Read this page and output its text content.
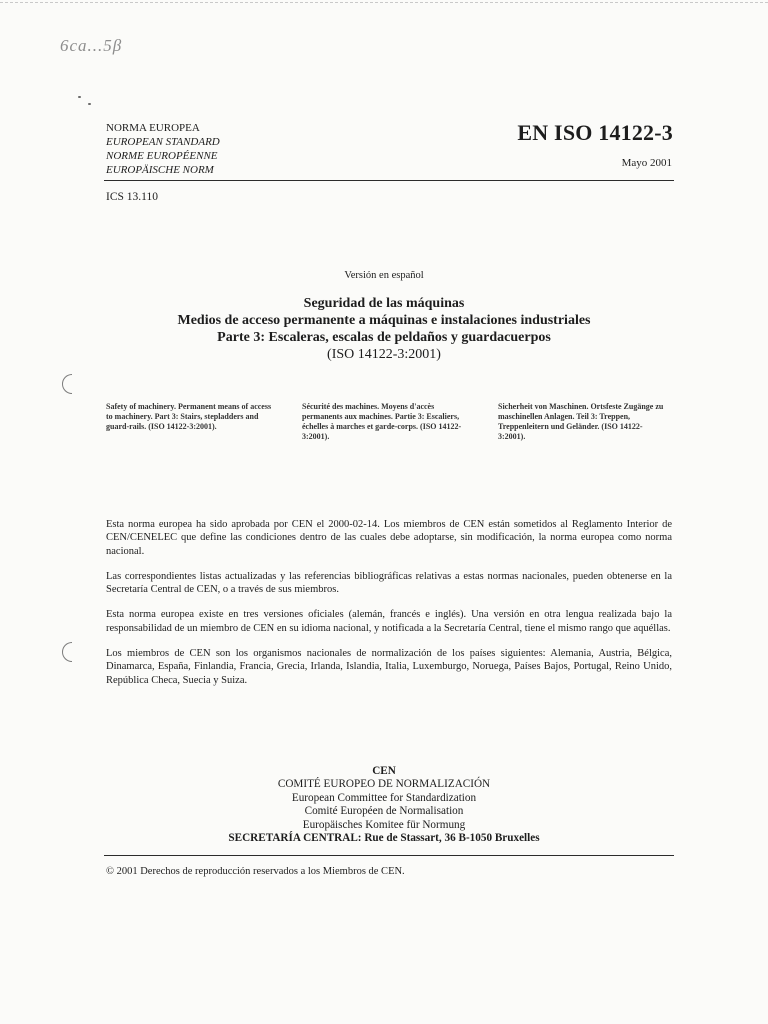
6ca...5β
NORMA EUROPEA
EUROPEAN STANDARD
NORME EUROPÉENNE
EUROPÄISCHE NORM
EN ISO 14122-3
Mayo 2001
ICS 13.110
Versión en español
Seguridad de las máquinas
Medios de acceso permanente a máquinas e instalaciones industriales
Parte 3: Escaleras, escalas de peldaños y guardacuerpos
(ISO 14122-3:2001)
Safety of machinery. Permanent means of access to machinery. Part 3: Stairs, stepladders and guard-rails. (ISO 14122-3:2001).
Sécurité des machines. Moyens d'accès permanents aux machines. Partie 3: Escaliers, échelles à marches et garde-corps. (ISO 14122-3:2001).
Sicherheit von Maschinen. Ortsfeste Zugänge zu maschinellen Anlagen. Teil 3: Treppen, Treppenleitern und Geländer. (ISO 14122-3:2001).

Esta norma europea ha sido aprobada por CEN el 2000-02-14. Los miembros de CEN están sometidos al Reglamento Interior de CEN/CENELEC que define las condiciones dentro de las cuales debe adoptarse, sin modificación, la norma europea como norma nacional.

Las correspondientes listas actualizadas y las referencias bibliográficas relativas a estas normas nacionales, pueden obtenerse en la Secretaría Central de CEN, o a través de sus miembros.

Esta norma europea existe en tres versiones oficiales (alemán, francés e inglés). Una versión en otra lengua realizada bajo la responsabilidad de un miembro de CEN en su idioma nacional, y notificada a la Secretaría Central, tiene el mismo rango que aquéllas.

Los miembros de CEN son los organismos nacionales de normalización de los países siguientes: Alemania, Austria, Bélgica, Dinamarca, España, Finlandia, Francia, Grecia, Irlanda, Islandia, Italia, Luxemburgo, Noruega, Países Bajos, Portugal, Reino Unido, República Checa, Suecia y Suiza.

CEN
COMITÉ EUROPEO DE NORMALIZACIÓN
European Committee for Standardization
Comité Européen de Normalisation
Europäisches Komitee für Normung
SECRETARÍA CENTRAL: Rue de Stassart, 36 B-1050 Bruxelles
© 2001 Derechos de reproducción reservados a los Miembros de CEN.
